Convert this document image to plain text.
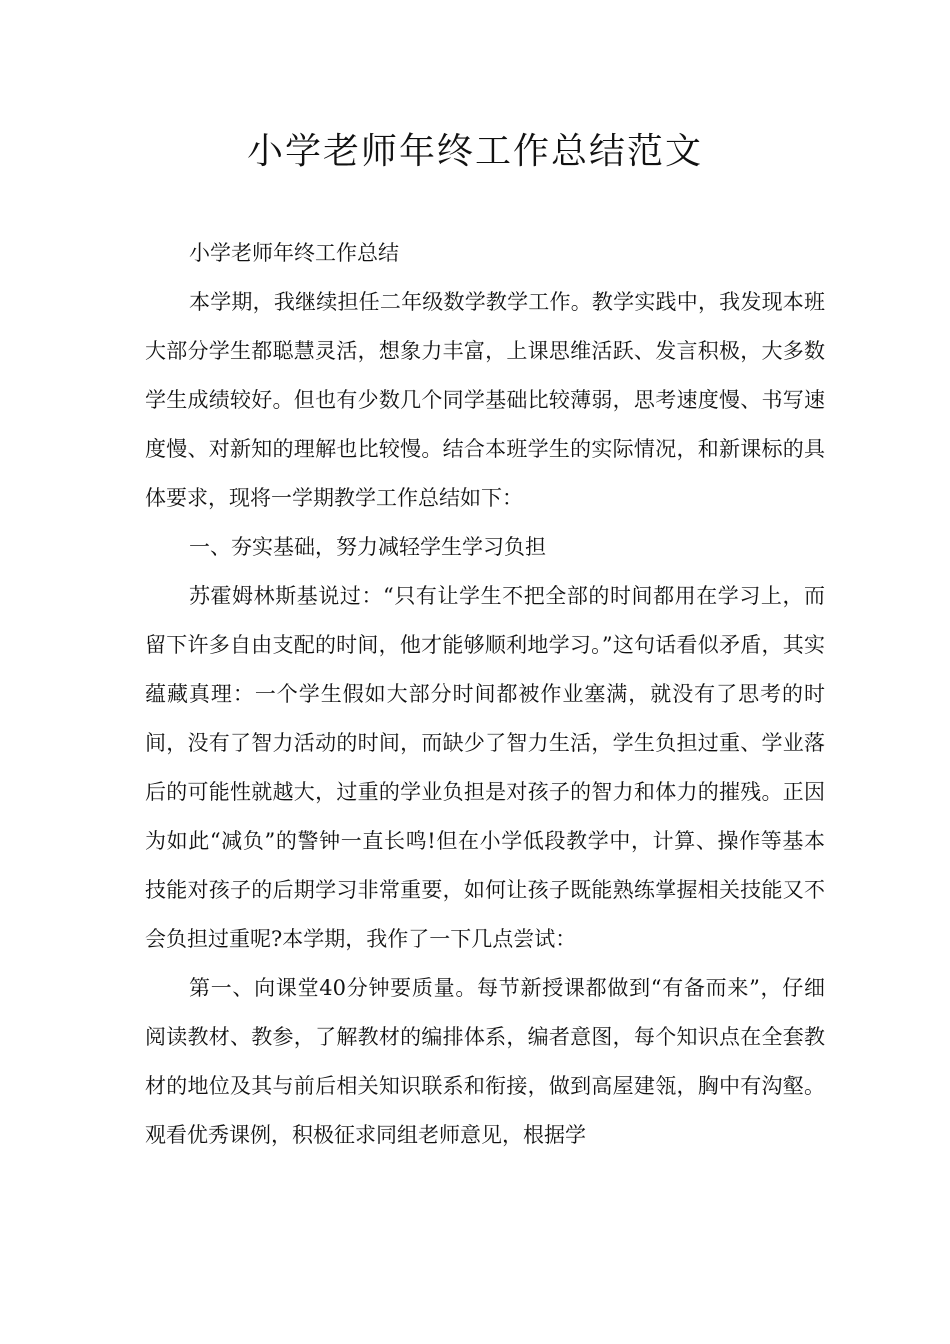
小学老师年终工作总结范文

小学老师年终工作总结

本学期，我继续担任二年级数学教学工作。教学实践中，我发现本班大部分学生都聪慧灵活，想象力丰富，上课思维活跃、发言积极，大多数学生成绩较好。但也有少数几个同学基础比较薄弱，思考速度慢、书写速度慢、对新知的理解也比较慢。结合本班学生的实际情况，和新课标的具体要求，现将一学期教学工作总结如下：

一、夯实基础，努力减轻学生学习负担

苏霍姆林斯基说过：“只有让学生不把全部的时间都用在学习上，而留下许多自由支配的时间，他才能够顺利地学习。”这句话看似矛盾，其实蕴藏真理：一个学生假如大部分时间都被作业塞满，就没有了思考的时间，没有了智力活动的时间，而缺少了智力生活，学生负担过重、学业落后的可能性就越大，过重的学业负担是对孩子的智力和体力的摧残。正因为如此“减负”的警钟一直长鸣!但在小学低段教学中，计算、操作等基本技能对孩子的后期学习非常重要，如何让孩子既能熟练掌握相关技能又不会负担过重呢?本学期，我作了一下几点尝试：

第一、向课堂40分钟要质量。每节新授课都做到“有备而来”，仔细阅读教材、教参，了解教材的编排体系，编者意图，每个知识点在全套教材的地位及其与前后相关知识联系和衔接，做到高屋建瓴，胸中有沟壑。观看优秀课例，积极征求同组老师意见，根据学
